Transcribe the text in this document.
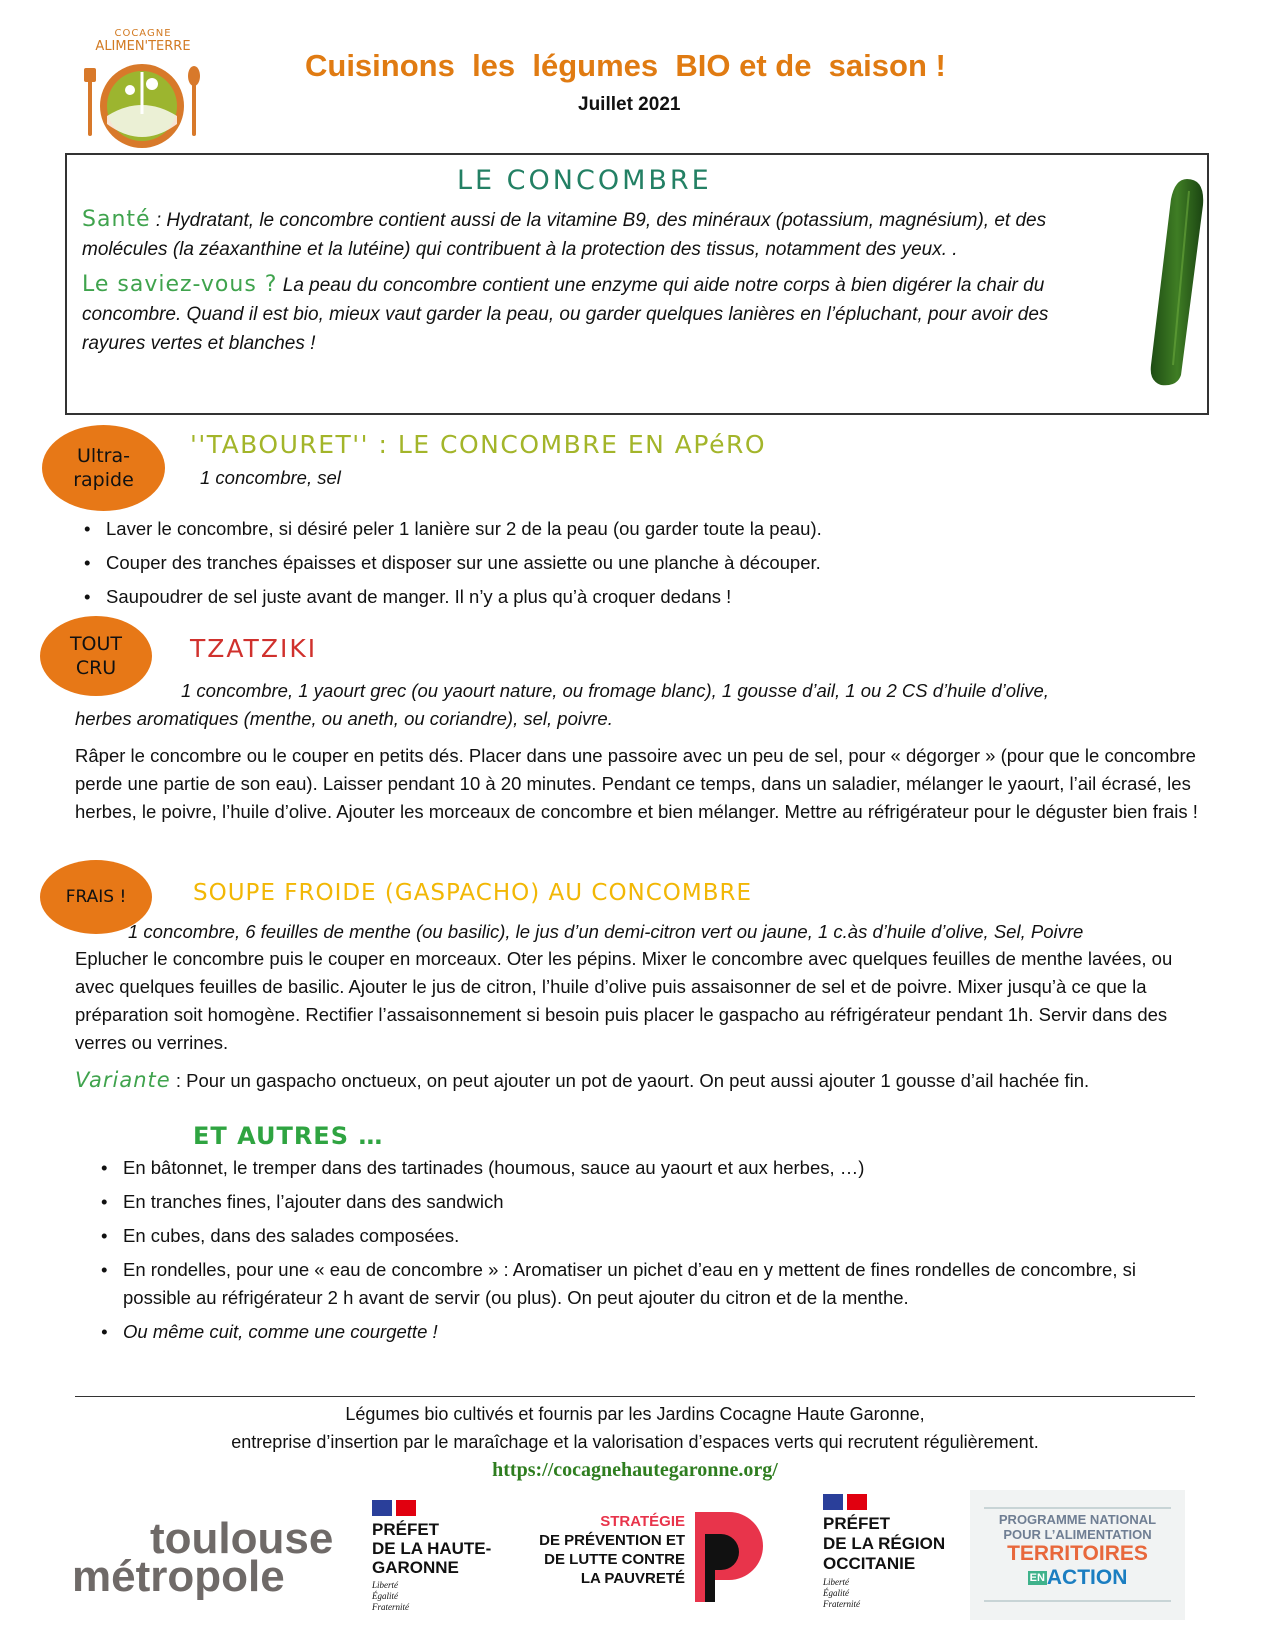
COCAGNE
ALIMEN'TERRE
Cuisinons  les  légumes  BIO et de  saison !
Juillet 2021
LE CONCOMBRE
Santé : Hydratant, le concombre contient aussi de la vitamine B9, des minéraux (potassium, magnésium), et des molécules (la zéaxanthine et la lutéine) qui contribuent à la protection des tissus, notamment des yeux. .
Le saviez-vous ? La peau du concombre contient une enzyme qui aide notre corps à bien digérer la chair du concombre. Quand il est bio, mieux vaut garder la peau, ou garder quelques lanières en l’épluchant, pour avoir des rayures vertes et blanches !
Ultra-
rapide
''TABOURET'' : LE CONCOMBRE EN APéRO
1 concombre, sel
• Laver le concombre, si désiré peler 1 lanière sur 2 de la peau (ou garder toute la peau).
• Couper des tranches épaisses et disposer sur une assiette ou une planche à découper.
• Saupoudrer de sel juste avant de manger. Il n’y a plus qu’à croquer dedans !
TOUT
CRU
TZATZIKI
1 concombre, 1 yaourt grec (ou yaourt nature, ou fromage blanc), 1 gousse d’ail, 1 ou 2 CS d’huile d’olive,
herbes aromatiques (menthe, ou aneth, ou coriandre), sel, poivre.
Râper le concombre ou le couper en petits dés. Placer dans une passoire avec un peu de sel, pour « dégorger » (pour que le concombre perde une partie de son eau). Laisser pendant 10 à 20 minutes. Pendant ce temps, dans un saladier, mélanger le yaourt, l’ail écrasé, les herbes, le poivre, l’huile d’olive. Ajouter les morceaux de concombre et bien mélanger. Mettre au réfrigérateur pour le déguster bien frais !
FRAIS !	SOUPE FROIDE (GASPACHO) AU CONCOMBRE
1 concombre, 6 feuilles de menthe (ou basilic), le jus d’un demi-citron vert ou jaune, 1 c.às d’huile d’olive, Sel, Poivre
Eplucher le concombre puis le couper en morceaux. Oter les pépins. Mixer le concombre avec quelques feuilles de menthe lavées, ou avec quelques feuilles de basilic. Ajouter le jus de citron, l’huile d’olive puis assaisonner de sel et de poivre. Mixer jusqu’à ce que la préparation soit homogène. Rectifier l’assaisonnement si besoin puis placer le gaspacho au réfrigérateur pendant 1h. Servir dans des verres ou verrines.
Variante : Pour un gaspacho onctueux, on peut ajouter un pot de yaourt. On peut aussi ajouter 1 gousse d’ail hachée fin.
ET AUTRES …
• En bâtonnet, le tremper dans des tartinades (houmous, sauce au yaourt et aux herbes, …)
• En tranches fines, l’ajouter dans des sandwich
• En cubes, dans des salades composées.
• En rondelles, pour une « eau de concombre » : Aromatiser un pichet d’eau en y mettent de fines rondelles de concombre, si possible au réfrigérateur 2 h avant de servir (ou plus). On peut ajouter du citron et de la menthe.
• Ou même cuit, comme une courgette !
Légumes bio cultivés et fournis par les Jardins Cocagne Haute Garonne,
entreprise d’insertion par le maraîchage et la valorisation d’espaces verts qui recrutent régulièrement.
https://cocagnehautegaronne.org/
toulouse
métropole
PRÉFET
DE LA HAUTE-
GARONNE
Liberté
Égalité
Fraternité
STRATÉGIE
DE PRÉVENTION ET
DE LUTTE CONTRE
LA PAUVRETÉ
PRÉFET
DE LA RÉGION
OCCITANIE
Liberté
Égalité
Fraternité
PROGRAMME NATIONAL
POUR L’ALIMENTATION
TERRITOIRES
ENACTION
